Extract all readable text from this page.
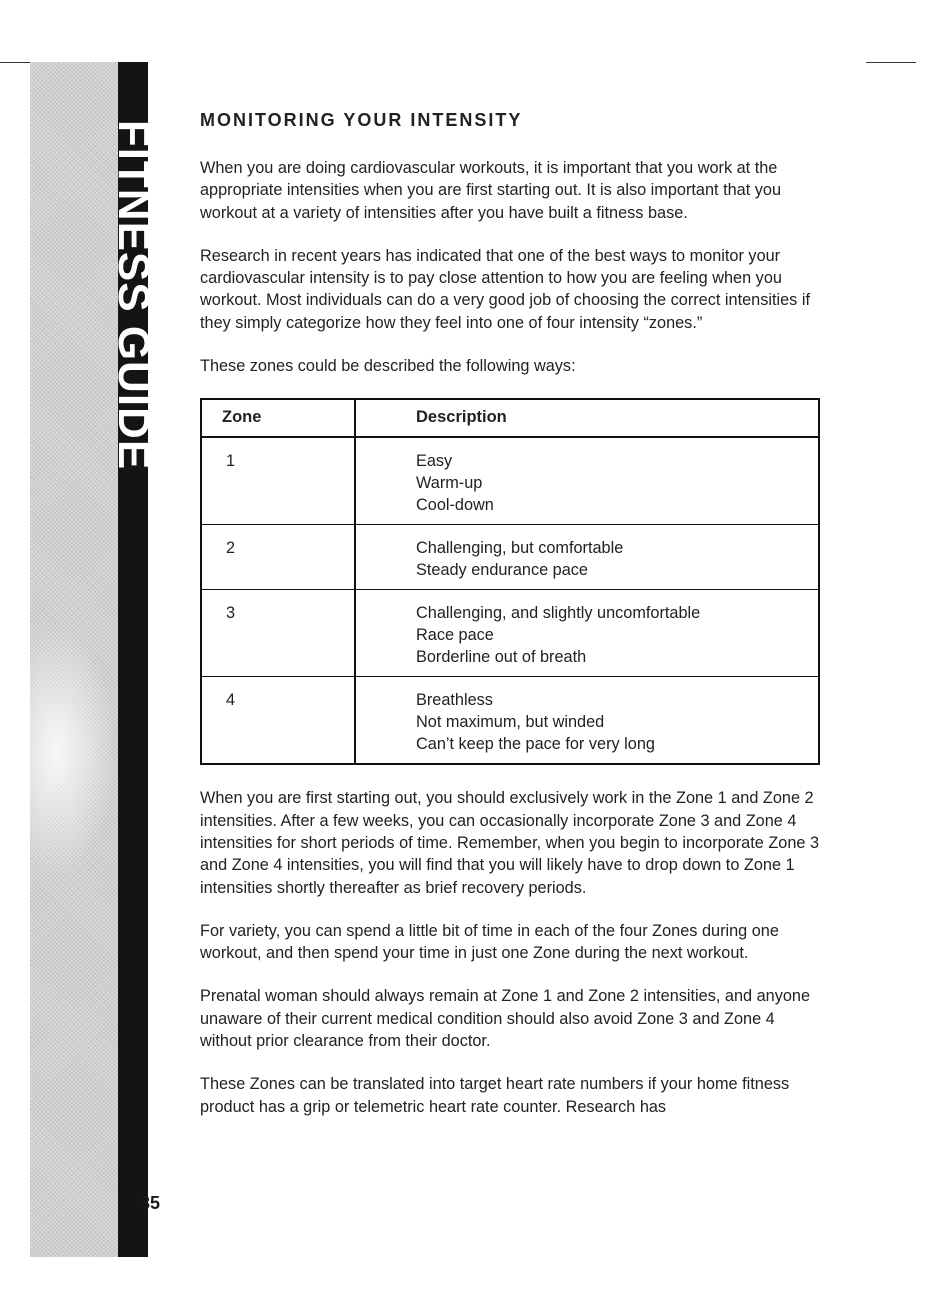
FITNESS GUIDE
35
MONITORING YOUR INTENSITY

When you are doing cardiovascular workouts, it is important that you work at the appropriate intensities when you are first starting out. It is also important that you workout at a variety of intensities after you have built a fitness base.

Research in recent years has indicated that one of the best ways to monitor your cardiovascular intensity is to pay close attention to how you are feeling when you workout. Most individuals can do a very good job of choosing the correct intensities if they simply categorize how they feel into one of four intensity “zones.”

These zones could be described the following ways:

Zone	Description
1	Easy
Warm-up
Cool-down

2	Challenging, but comfortable
Steady endurance pace

3	Challenging, and slightly uncomfortable
Race pace
Borderline out of breath

4	Breathless
Not maximum, but winded
Can’t keep the pace for very long

When you are first starting out, you should exclusively work in the Zone 1 and Zone 2 intensities. After a few weeks, you can occasionally incorporate Zone 3 and Zone 4 intensities for short periods of time. Remember, when you begin to incorporate Zone 3 and Zone 4 intensities, you will find that you will likely have to drop down to Zone 1 intensities shortly thereafter as brief recovery periods.

For variety, you can spend a little bit of time in each of the four Zones during one workout, and then spend your time in just one Zone during the next workout.

Prenatal woman should always remain at Zone 1 and Zone 2 intensities, and anyone unaware of their current medical condition should also avoid Zone 3 and Zone 4 without prior clearance from their doctor.

These Zones can be translated into target heart rate numbers if your home fitness product has a grip or telemetric heart rate counter. Research has
